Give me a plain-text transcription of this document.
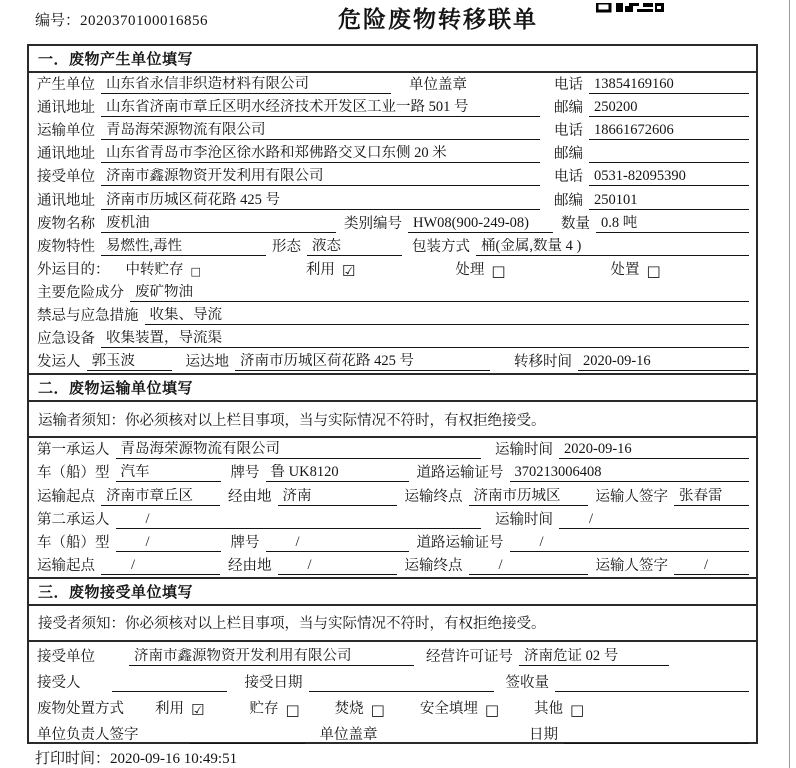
编号：2020370100016856	危险废物转移联单
一．废物产生单位填写
产生单位 山东省永信非织造材料有限公司	单位盖章	电话 13854169160
通讯地址 山东省济南市章丘区明水经济技术开发区工业一路 501 号	邮编 250200
运输单位 青岛海荣源物流有限公司	电话 18661672606
通讯地址 山东省青岛市李沧区徐水路和郑佛路交叉口东侧 20 米	邮编
接受单位 济南市鑫源物资开发利用有限公司	电话 0531-82095390
通讯地址 济南市历城区荷花路 425 号	邮编 250101
废物名称 废机油	类别编号 HW08(900-249-08)	数量 0.8 吨
废物特性 易燃性,毒性	形态 液态	包装方式 桶(金属,数量 4 )
外运目的：	中转贮存 □	利用 ☑	处理 □	处置 □
主要危险成分 废矿物油
禁忌与应急措施 收集、导流
应急设备 收集装置，导流渠
发运人 郭玉波	运达地 济南市历城区荷花路 425 号	转移时间 2020-09-16
二．废物运输单位填写
运输者须知：你必须核对以上栏目事项，当与实际情况不符时，有权拒绝接受。
第一承运人 青岛海荣源物流有限公司	运输时间 2020-09-16
车（船）型 汽车	牌号 鲁 UK8120	道路运输证号 370213006408
运输起点 济南市章丘区	经由地 济南	运输终点 济南市历城区	运输人签字 张春雷
第二承运人	/	运输时间	/
车（船）型	/	牌号	/	道路运输证号	/
运输起点	/	经由地	/	运输终点	/	运输人签字	/
三．废物接受单位填写
接受者须知：你必须核对以上栏目事项，当与实际情况不符时，有权拒绝接受。
接受单位	济南市鑫源物资开发利用有限公司	经营许可证号 济南危证 02 号
接受人	接受日期	签收量
废物处置方式	利用 ☑	贮存 □ 焚烧 □ 安全填埋 □ 其他 □
单位负责人签字	单位盖章	日期
打印时间：2020-09-16 10:49:51
